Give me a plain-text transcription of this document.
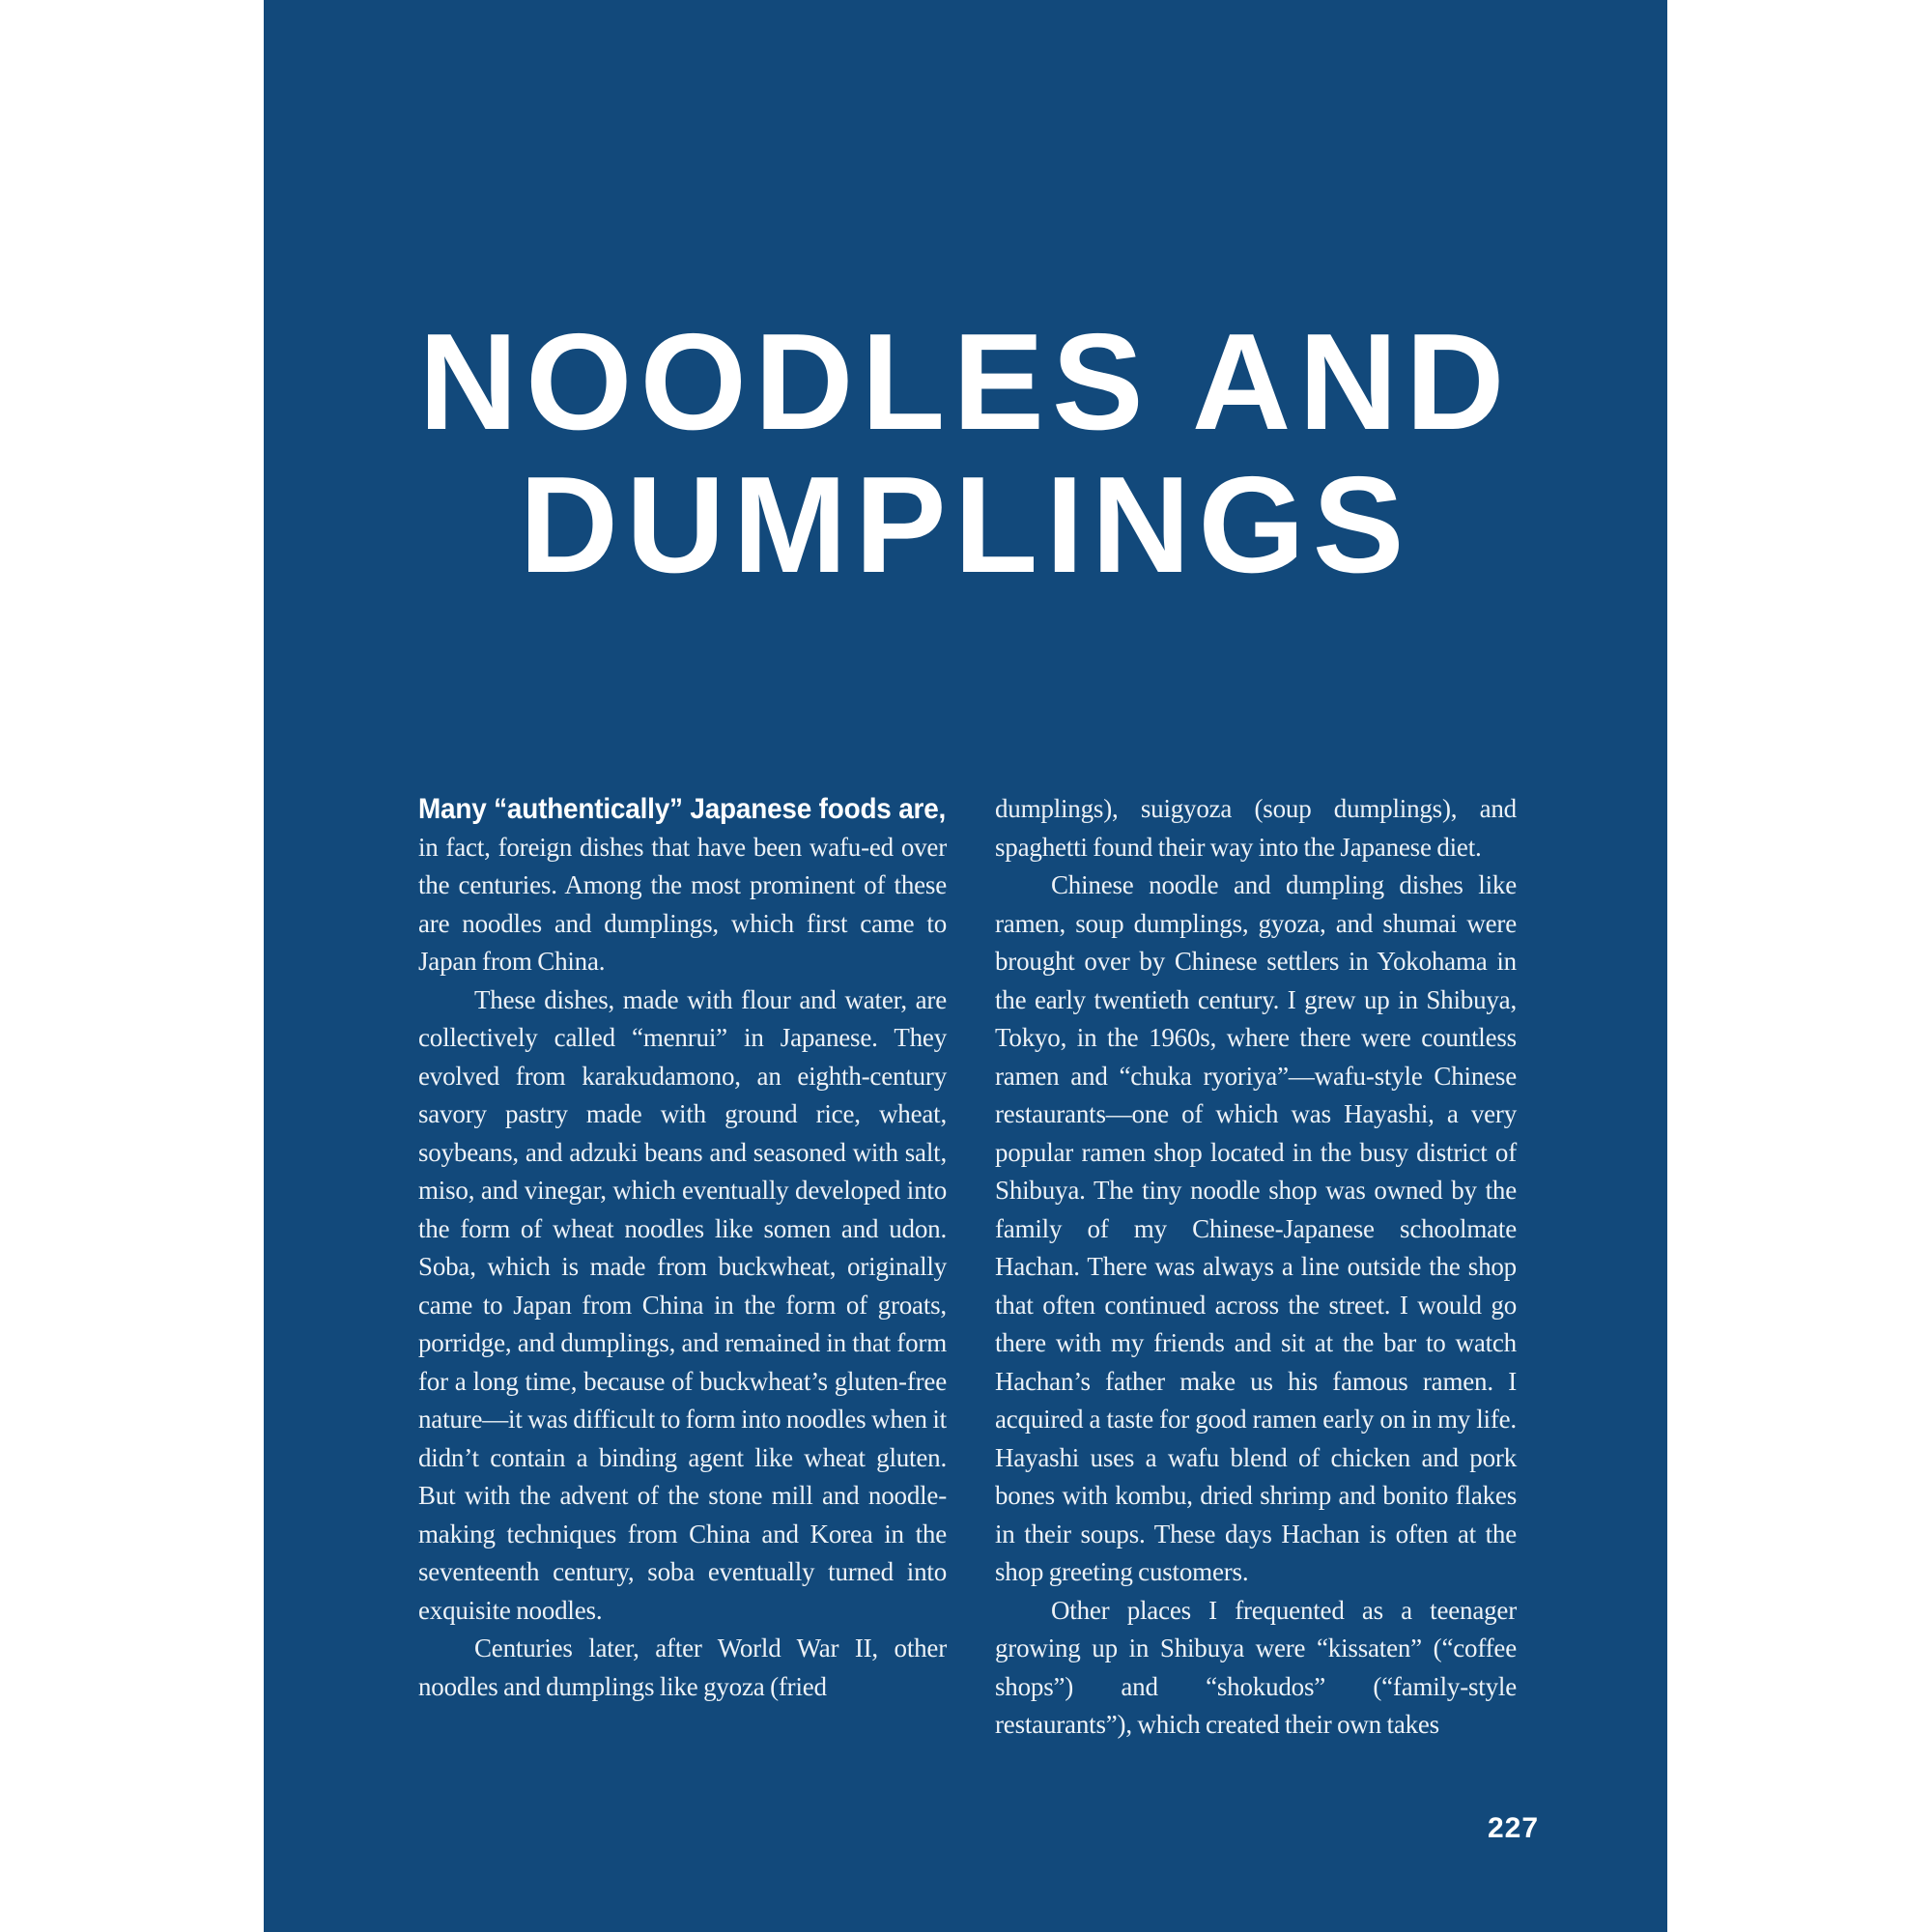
NOODLES AND
DUMPLINGS

Many “authentically” Japanese foods are,
in fact, foreign dishes that have been wafu-ed over the centuries. Among the most prominent of these are noodles and dumplings, which first came to Japan from China.

These dishes, made with flour and water, are collectively called “menrui” in Japanese. They evolved from karakudamono, an eighth-century savory pastry made with ground rice, wheat, soybeans, and adzuki beans and seasoned with salt, miso, and vinegar, which eventually developed into the form of wheat noodles like somen and udon. Soba, which is made from buckwheat, originally came to Japan from China in the form of groats, porridge, and dumplings, and remained in that form for a long time, because of buckwheat’s gluten-free nature—it was difficult to form into noodles when it didn’t contain a binding agent like wheat gluten. But with the advent of the stone mill and noodle-making techniques from China and Korea in the seventeenth century, soba eventually turned into exquisite noodles.

Centuries later, after World War II, other noodles and dumplings like gyoza (fried

dumplings), suigyoza (soup dumplings), and spaghetti found their way into the Japanese diet.

Chinese noodle and dumpling dishes like ramen, soup dumplings, gyoza, and shumai were brought over by Chinese settlers in Yokohama in the early twentieth century. I grew up in Shibuya, Tokyo, in the 1960s, where there were countless ramen and “chuka ryoriya”—wafu-style Chinese restaurants—one of which was Hayashi, a very popular ramen shop located in the busy district of Shibuya. The tiny noodle shop was owned by the family of my Chinese-Japanese schoolmate Hachan. There was always a line outside the shop that often continued across the street. I would go there with my friends and sit at the bar to watch Hachan’s father make us his famous ramen. I acquired a taste for good ramen early on in my life. Hayashi uses a wafu blend of chicken and pork bones with kombu, dried shrimp and bonito flakes in their soups. These days Hachan is often at the shop greeting customers.

Other places I frequented as a teenager growing up in Shibuya were “kissaten” (“coffee shops”) and “shokudos” (“family-style restaurants”), which created their own takes

227
